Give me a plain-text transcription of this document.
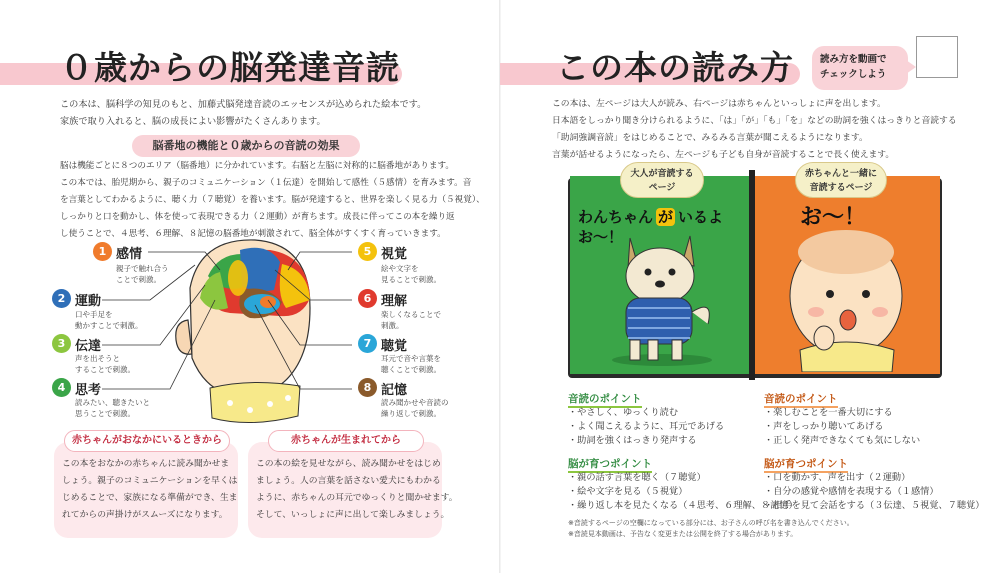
０歳からの脳発達音読
この本は、脳科学の知見のもと、加藤式脳発達音読のエッセンスが込められた絵本です。
家族で取り入れると、脳の成長によい影響がたくさんあります。
脳番地の機能と０歳からの音読の効果
脳は機能ごとに８つのエリア（脳番地）に分かれています。右脳と左脳に対称的に脳番地があります。
この本では、胎児期から、親子のコミュニケーション（１伝達）を開始して感性（５感情）を育みます。音
を言葉としてわかるように、聴く力（７聴覚）を養います。脳が発達すると、世界を楽しく見る力（５視覚）、
しっかりと口を動かし、体を使って表現できる力（２運動）が育ちます。成長に伴ってこの本を繰り返
し使うことで、４思考、６理解、８記憶の脳番地が刺激されて、脳全体がすくすく育っていきます。
1 感情
親子で触れ合う
ことで刺激。
2 運動
口や手足を
動かすことで刺激。
3 伝達
声を出そうと
することで刺激。
4 思考
読みたい、聴きたいと
思うことで刺激。
5 視覚
絵や文字を
見ることで刺激。
6 理解
楽しくなることで
刺激。
7 聴覚
耳元で音や言葉を
聴くことで刺激。
8 記憶
読み聞かせや音読の
繰り返しで刺激。
赤ちゃんがおなかにいるときから
この本をおなかの赤ちゃんに読み聞かせま
しょう。親子のコミュニケーションを早くは
じめることで、家族になる準備ができ、生ま
れてからの声掛けがスムーズになります。
赤ちゃんが生まれてから
この本の絵を見せながら、読み聞かせをはじめ
ましょう。人の言葉を話さない愛犬にもわかる
ように、赤ちゃんの耳元でゆっくりと聞かせます。
そして、いっしょに声に出して楽しみましょう。
この本の読み方	読み方を動画で
チェックしよう
この本は、左ページは大人が読み、右ページは赤ちゃんといっしょに声を出します。
日本語をしっかり聞き分けられるように、「は」「が」「も」「を」などの助詞を強くはっきりと音読する
「助詞強調音読」をはじめることで、みるみる言葉が聞こえるようになります。
言葉が話せるようになったら、左ページも子ども自身が音読することで長く使えます。
大人が音読する
ページ
赤ちゃんと一緒に
音読するページ
わんちゃん が いるよ
お〜！
お〜！
音読のポイント
・やさしく、ゆっくり読む
・よく聞こえるように、耳元であげる
・助詞を強くはっきり発声する
脳が育つポイント
・親の話す言葉を聴く（７聴覚）
・絵や文字を見る（５視覚）
・繰り返し本を見たくなる（４思考、６理解、８記憶）
音読のポイント
・楽しむことを一番大切にする
・声をしっかり聴いてあげる
・正しく発声できなくても気にしない
脳が育つポイント
・口を動かす、声を出す（２運動）
・自分の感覚や感情を表現する（１感情）
・相手を見て会話をする（３伝達、５視覚、７聴覚）
※音読するページの空欄になっている部分には、お子さんの呼び名を書き込んでください。
※音読見本動画は、予告なく変更または公開を終了する場合があります。
